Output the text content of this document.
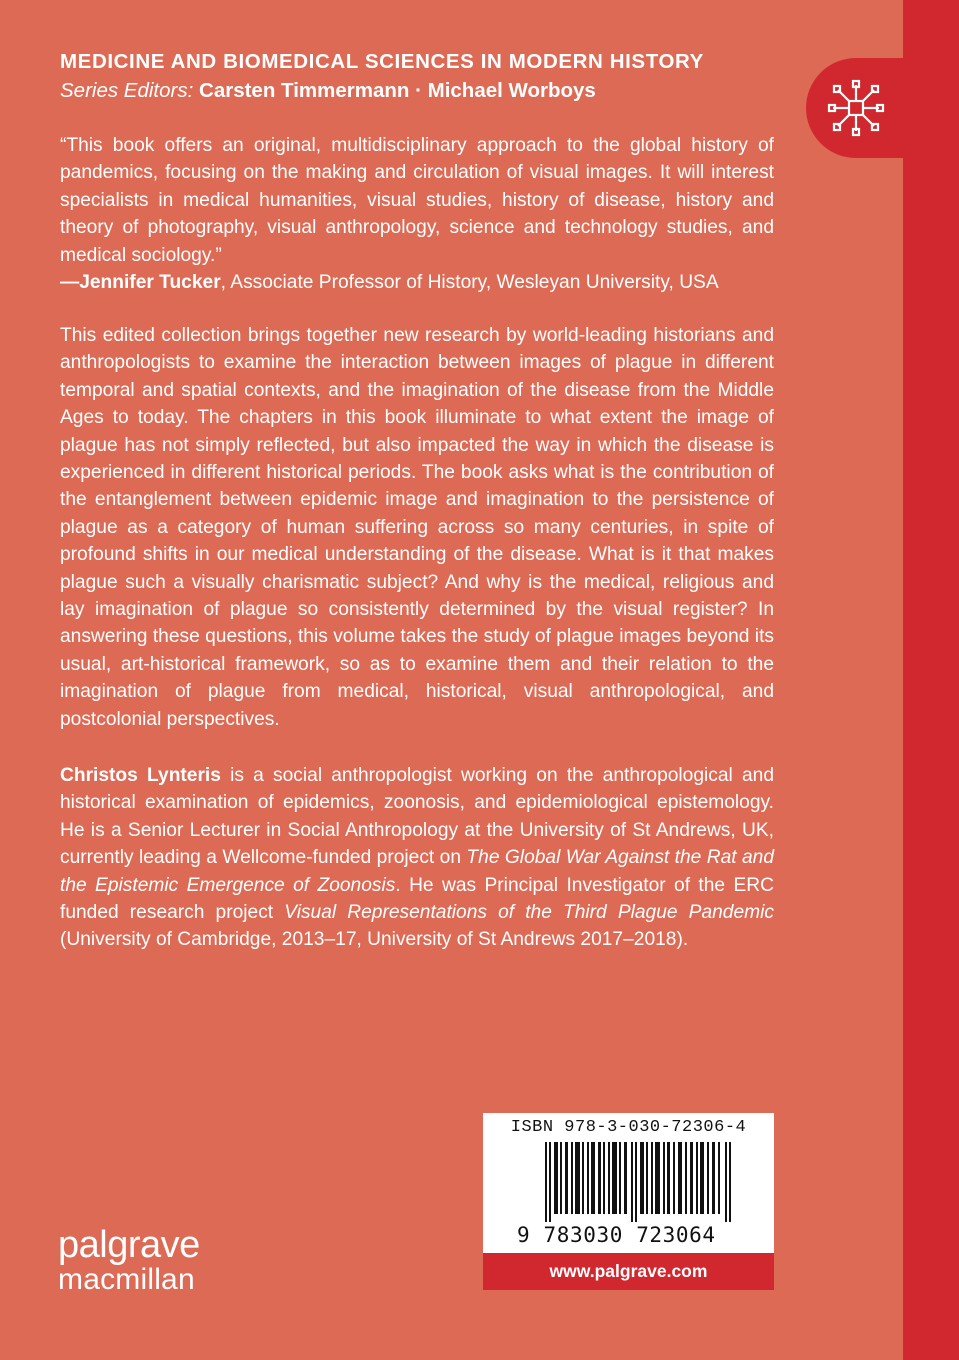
MEDICINE AND BIOMEDICAL SCIENCES IN MODERN HISTORY

Series Editors: Carsten Timmermann · Michael Worboys

“This book offers an original, multidisciplinary approach to the global history of pandemics, focusing on the making and circulation of visual images. It will interest specialists in medical humanities, visual studies, history of disease, history and theory of photography, visual anthropology, science and technology studies, and medical sociology.”

—Jennifer Tucker, Associate Professor of History, Wesleyan University, USA

This edited collection brings together new research by world-leading historians and anthropologists to examine the interaction between images of plague in different temporal and spatial contexts, and the imagination of the disease from the Middle Ages to today. The chapters in this book illuminate to what extent the image of plague has not simply reflected, but also impacted the way in which the disease is experienced in different historical periods. The book asks what is the contribution of the entanglement between epidemic image and imagination to the persistence of plague as a category of human suffering across so many centuries, in spite of profound shifts in our medical understanding of the disease. What is it that makes plague such a visually charismatic subject? And why is the medical, religious and lay imagination of plague so consistently determined by the visual register? In answering these questions, this volume takes the study of plague images beyond its usual, art-historical framework, so as to examine them and their relation to the imagination of plague from medical, historical, visual anthropological, and postcolonial perspectives.

Christos Lynteris is a social anthropologist working on the anthropological and historical examination of epidemics, zoonosis, and epidemiological epistemology. He is a Senior Lecturer in Social Anthropology at the University of St Andrews, UK, currently leading a Wellcome-funded project on The Global War Against the Rat and the Epistemic Emergence of Zoonosis. He was Principal Investigator of the ERC funded research project Visual Representations of the Third Plague Pandemic (University of Cambridge, 2013–17, University of St Andrews 2017–2018).

ISBN 978-3-030-72306-4

9 783030 723064

www.palgrave.com

palgrave

macmillan
